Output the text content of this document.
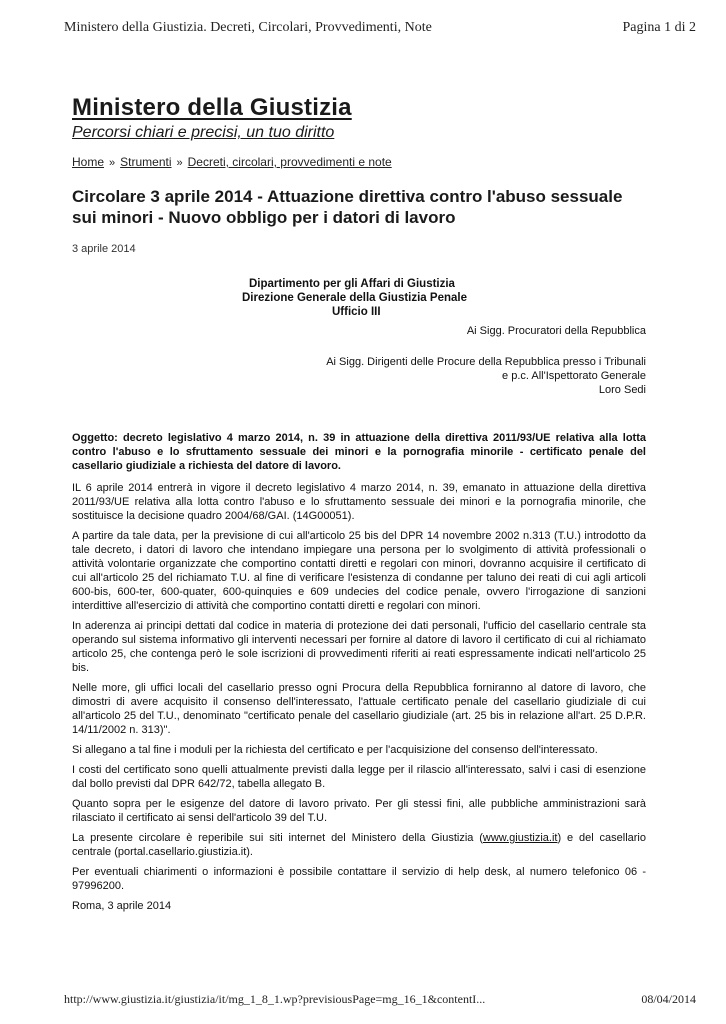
Ministero della Giustizia. Decreti, Circolari, Provvedimenti, Note	Pagina 1 di 2
Ministero della Giustizia
Percorsi chiari e precisi, un tuo diritto
Home » Strumenti » Decreti, circolari, provvedimenti e note
Circolare 3 aprile 2014 - Attuazione direttiva contro l'abuso sessuale sui minori - Nuovo obbligo per i datori di lavoro
3 aprile 2014
Dipartimento per gli Affari di Giustizia
Direzione Generale della Giustizia Penale
Ufficio III
Ai Sigg. Procuratori della Repubblica
Ai Sigg. Dirigenti delle Procure della Repubblica presso i Tribunali
e p.c. All'Ispettorato Generale
Loro Sedi

Oggetto: decreto legislativo 4 marzo 2014, n. 39 in attuazione della direttiva 2011/93/UE relativa alla lotta contro l'abuso e lo sfruttamento sessuale dei minori e la pornografia minorile - certificato penale del casellario giudiziale a richiesta del datore di lavoro.

IL 6 aprile 2014 entrerà in vigore il decreto legislativo 4 marzo 2014, n. 39, emanato in attuazione della direttiva 2011/93/UE relativa alla lotta contro l'abuso e lo sfruttamento sessuale dei minori e la pornografia minorile, che sostituisce la decisione quadro 2004/68/GAI. (14G00051).

A partire da tale data, per la previsione di cui all'articolo 25 bis del DPR 14 novembre 2002 n.313 (T.U.) introdotto da tale decreto, i datori di lavoro che intendano impiegare una persona per lo svolgimento di attività professionali o attività volontarie organizzate che comportino contatti diretti e regolari con minori, dovranno acquisire il certificato di cui all'articolo 25 del richiamato T.U. al fine di verificare l'esistenza di condanne per taluno dei reati di cui agli articoli 600-bis, 600-ter, 600-quater, 600-quinquies e 609 undecies del codice penale, ovvero l'irrogazione di sanzioni interdittive all'esercizio di attività che comportino contatti diretti e regolari con minori.

In aderenza ai principi dettati dal codice in materia di protezione dei dati personali, l'ufficio del casellario centrale sta operando sul sistema informativo gli interventi necessari per fornire al datore di lavoro il certificato di cui al richiamato articolo 25, che contenga però le sole iscrizioni di provvedimenti riferiti ai reati espressamente indicati nell'articolo 25 bis.

Nelle more, gli uffici locali del casellario presso ogni Procura della Repubblica forniranno al datore di lavoro, che dimostri di avere acquisito il consenso dell'interessato, l'attuale certificato penale del casellario giudiziale di cui all'articolo 25 del T.U., denominato "certificato penale del casellario giudiziale (art. 25 bis in relazione all'art. 25 D.P.R. 14/11/2002 n. 313)".

Si allegano a tal fine i moduli per la richiesta del certificato e per l'acquisizione del consenso dell'interessato.

I costi del certificato sono quelli attualmente previsti dalla legge per il rilascio all'interessato, salvi i casi di esenzione dal bollo previsti dal DPR 642/72, tabella allegato B.

Quanto sopra per le esigenze del datore di lavoro privato. Per gli stessi fini, alle pubbliche amministrazioni sarà rilasciato il certificato ai sensi dell'articolo 39 del T.U.

La presente circolare è reperibile sui siti internet del Ministero della Giustizia (www.giustizia.it) e del casellario centrale (portal.casellario.giustizia.it).

Per eventuali chiarimenti o informazioni è possibile contattare il servizio di help desk, al numero telefonico 06 - 97996200.

Roma, 3 aprile 2014

http://www.giustizia.it/giustizia/it/mg_1_8_1.wp?previsiousPage=mg_16_1&contentI...	08/04/2014
